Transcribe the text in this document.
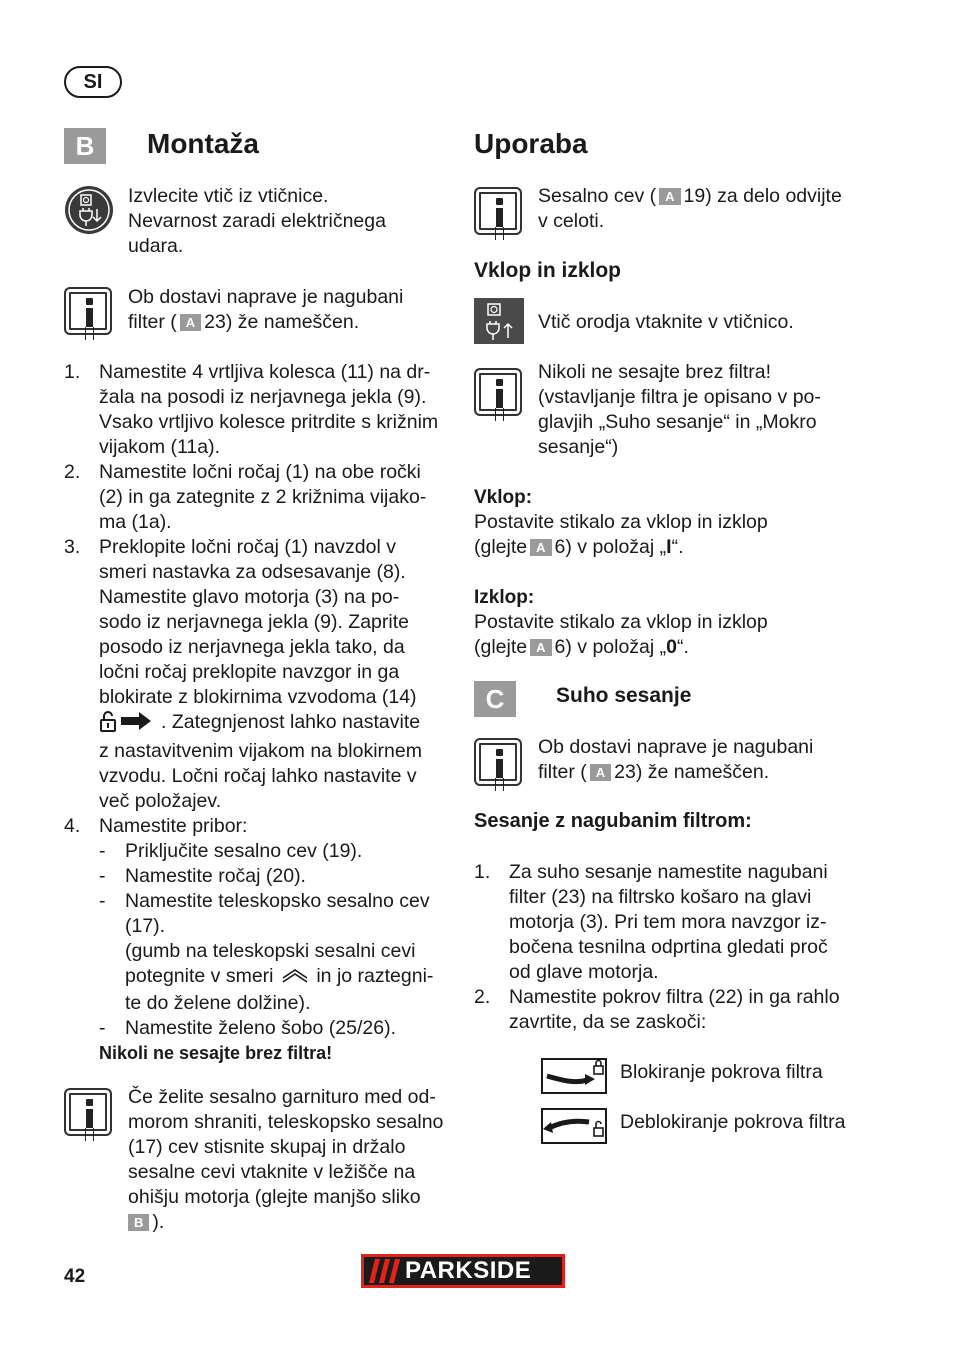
SI
B	Montaža
Izvlecite vtič iz vtičnice.
Nevarnost zaradi električnega
udara.
Ob dostavi naprave je nagubani
filter ( A 23) že nameščen.
1. Namestite 4 vrtljiva kolesca (11) na dr-
žala na posodi iz nerjavnega jekla (9).
Vsako vrtljivo kolesce pritrdite s križnim
vijakom (11a).
2. Namestite ločni ročaj (1) na obe ročki
(2) in ga zategnite z 2 križnima vijako-
ma (1a).
3. Preklopite ločni ročaj (1) navzdol v
smeri nastavka za odsesavanje (8).
Namestite glavo motorja (3) na po-
sodo iz nerjavnega jekla (9). Zaprite
posodo iz nerjavnega jekla tako, da
ločni ročaj preklopite navzgor in ga
blokirate z blokirnima vzvodoma (14)
. Zategnjenost lahko nastavite
z nastavitvenim vijakom na blokirnem
vzvodu. Ločni ročaj lahko nastavite v
več položajev.
4. Namestite pribor:
-	Priključite sesalno cev (19).
-	Namestite ročaj (20).
-	Namestite teleskopsko sesalno cev
(17).
(gumb na teleskopski sesalni cevi
potegnite v smeri in jo raztegni-
te do želene dolžine).
-	Namestite želeno šobo (25/26).
Nikoli ne sesajte brez filtra!
Če želite sesalno garnituro med od-
morom shraniti, teleskopsko sesalno
(17) cev stisnite skupaj in držalo
sesalne cevi vtaknite v ležišče na
ohišju motorja (glejte manjšo sliko
B ).
Uporaba
Sesalno cev ( A 19) za delo odvijte
v celoti.
Vklop in izklop
Vtič orodja vtaknite v vtičnico.
Nikoli ne sesajte brez filtra!
(vstavljanje filtra je opisano v po-
glavjih „Suho sesanje“ in „Mokro
sesanje“)
Vklop:
Postavite stikalo za vklop in izklop
(glejte A 6) v položaj „I“.
Izklop:
Postavite stikalo za vklop in izklop
(glejte A 6) v položaj „0“.
C	Suho sesanje
Ob dostavi naprave je nagubani
filter ( A 23) že nameščen.
Sesanje z nagubanim filtrom:
1. Za suho sesanje namestite nagubani
filter (23) na filtrsko košaro na glavi
motorja (3). Pri tem mora navzgor iz-
bočena tesnilna odprtina gledati proč
od glave motorja.
2. Namestite pokrov filtra (22) in ga rahlo
zavrtite, da se zaskoči:
Blokiranje pokrova filtra
Deblokiranje pokrova filtra
42	PARKSIDE
